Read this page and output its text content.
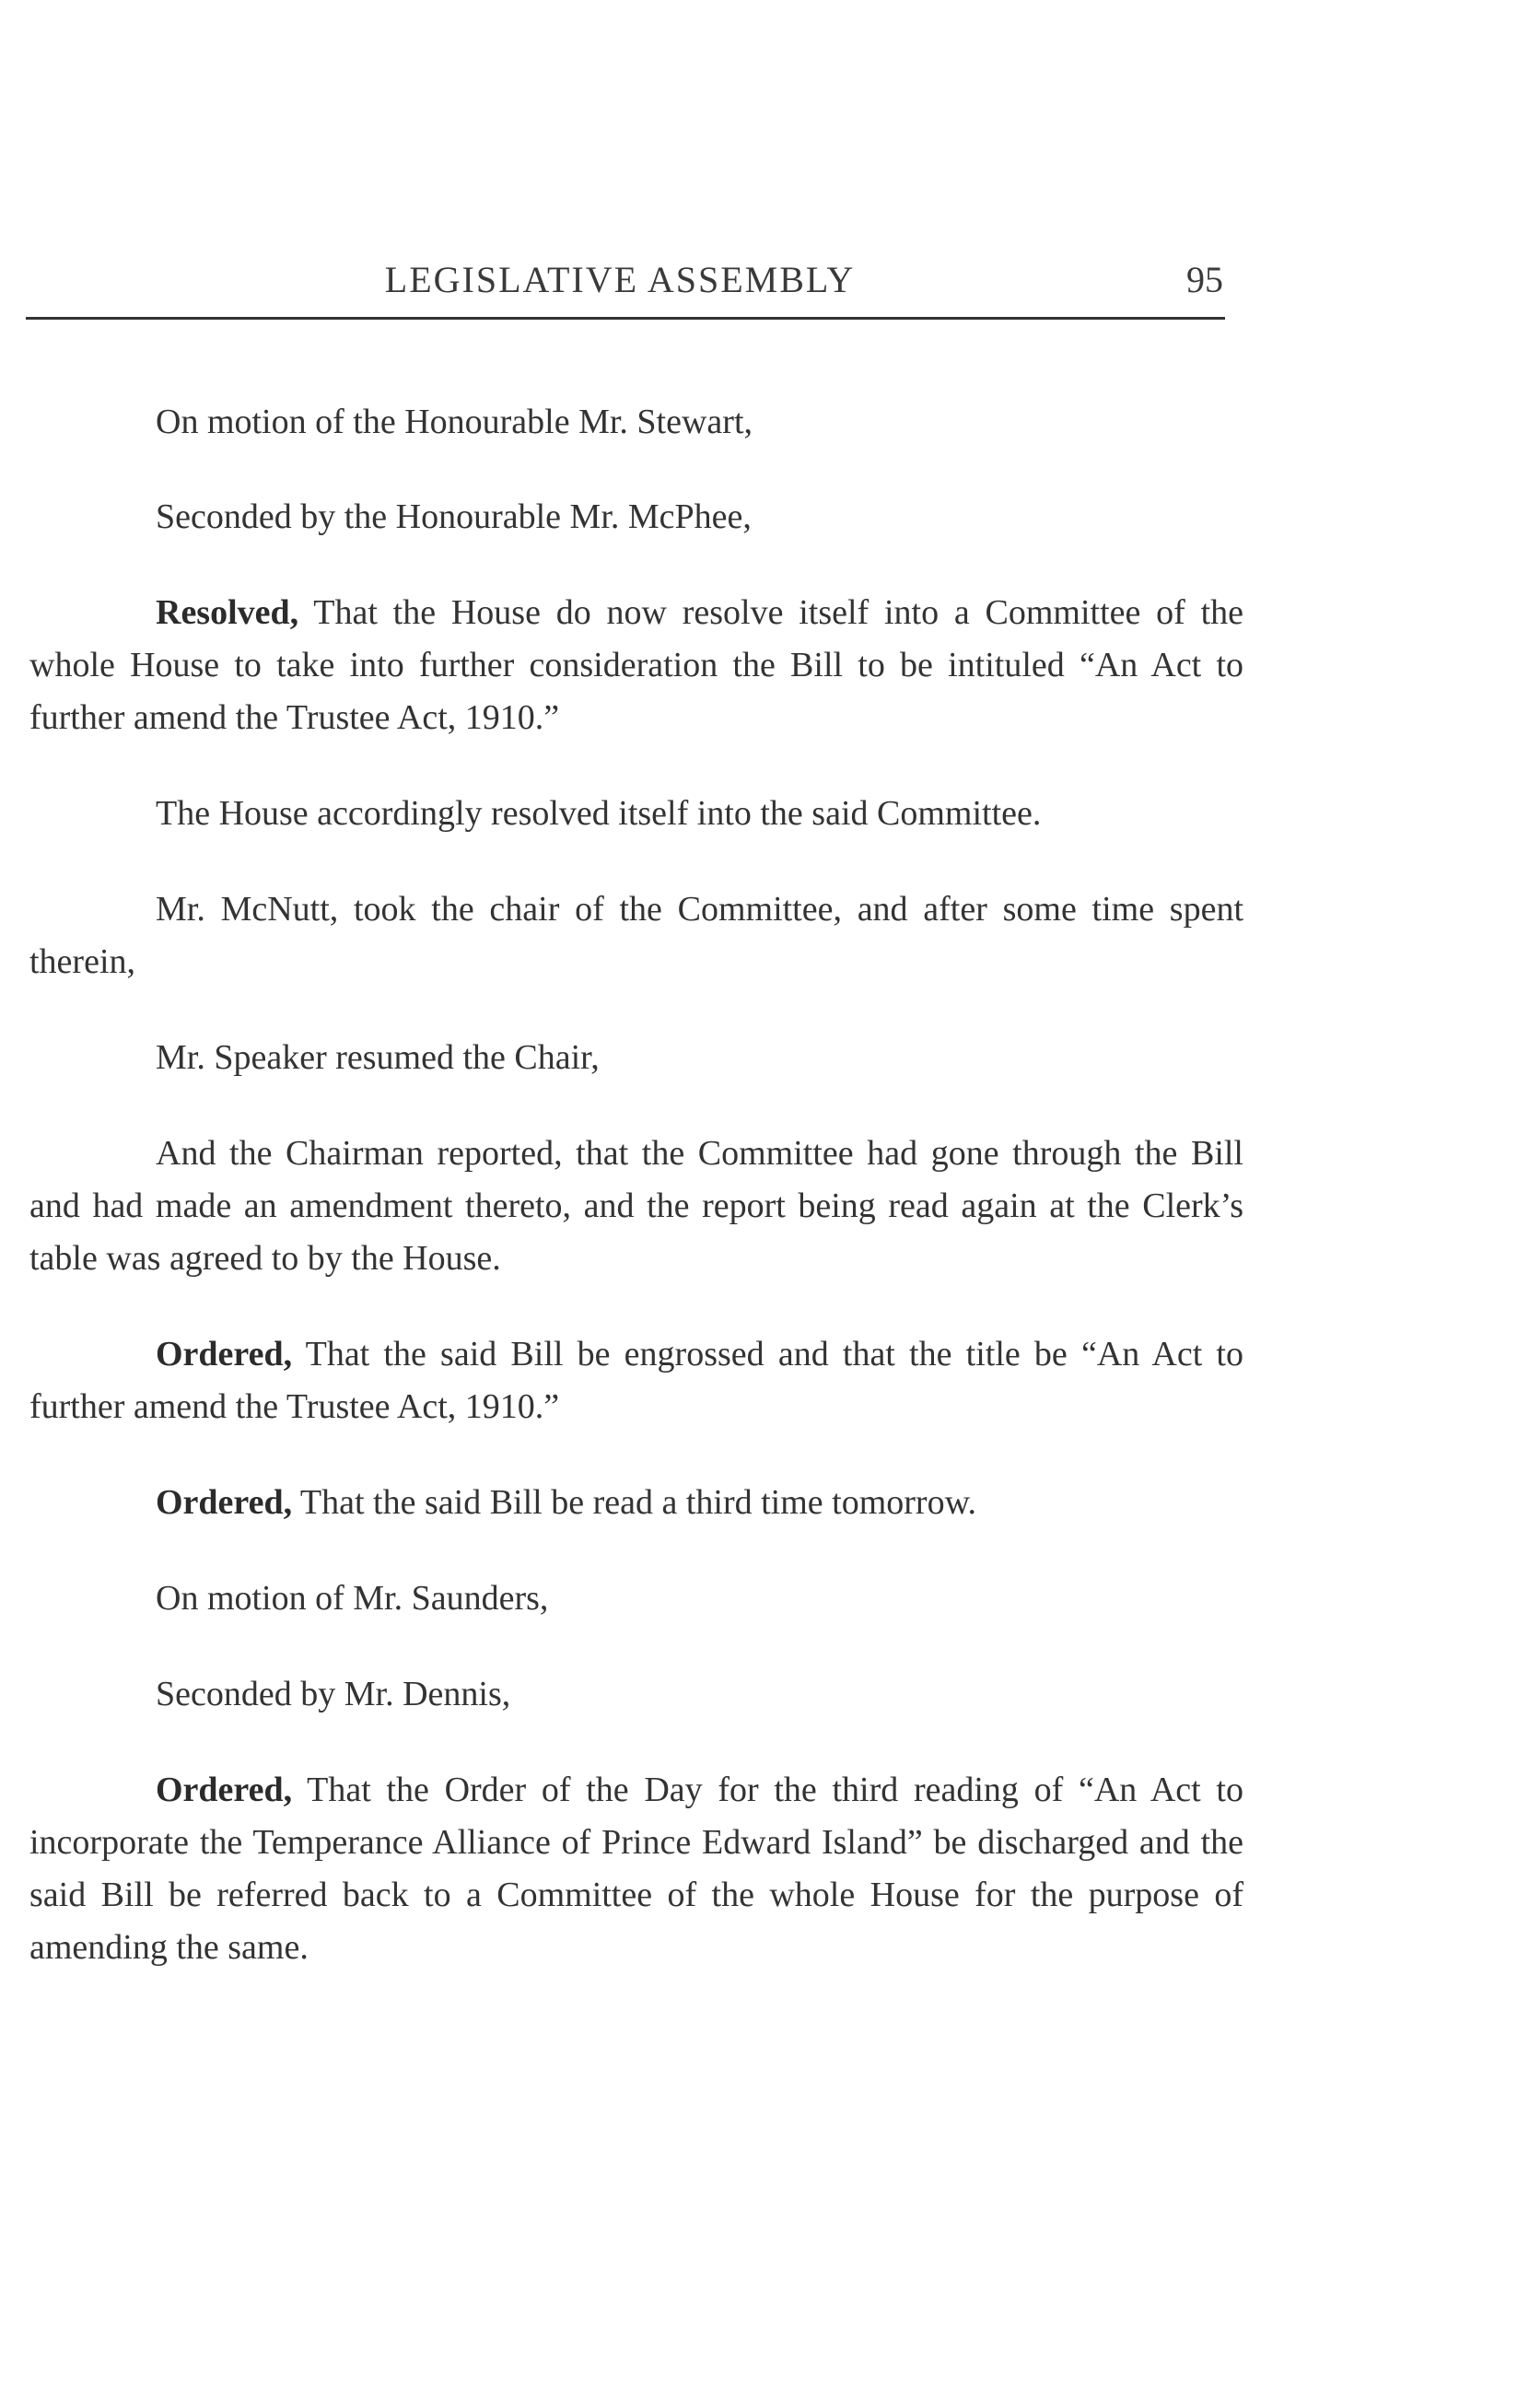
LEGISLATIVE ASSEMBLY	95

On motion of the Honourable Mr. Stewart,

Seconded by the Honourable Mr. McPhee,

Resolved, That the House do now resolve itself into a Committee of the whole House to take into further consideration the Bill to be intituled “An Act to further amend the Trustee Act, 1910.”

The House accordingly resolved itself into the said Committee.

Mr. McNutt, took the chair of the Committee, and after some time spent therein,

Mr. Speaker resumed the Chair,

And the Chairman reported, that the Committee had gone through the Bill and had made an amendment thereto, and the report being read again at the Clerk’s table was agreed to by the House.

Ordered, That the said Bill be engrossed and that the title be “An Act to further amend the Trustee Act, 1910.”

Ordered, That the said Bill be read a third time tomorrow.

On motion of Mr. Saunders,

Seconded by Mr. Dennis,

Ordered, That the Order of the Day for the third reading of “An Act to incorporate the Temperance Alliance of Prince Edward Island” be discharged and the said Bill be referred back to a Committee of the whole House for the purpose of amending the same.
